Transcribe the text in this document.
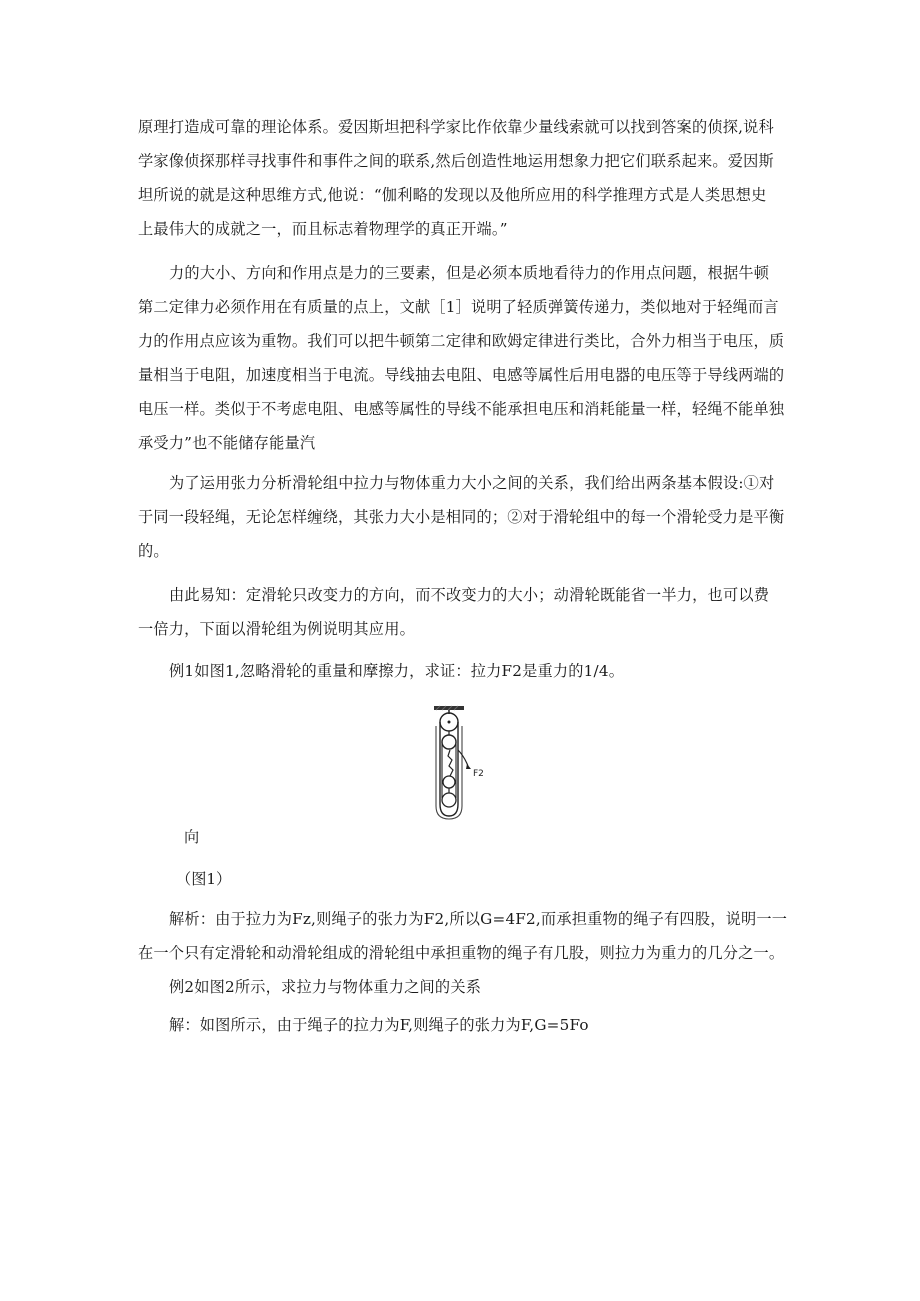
原理打造成可靠的理论体系。爱因斯坦把科学家比作依靠少量线索就可以找到答案的侦探,说科
学家像侦探那样寻找事件和事件之间的联系,然后创造性地运用想象力把它们联系起来。爱因斯
坦所说的就是这种思维方式,他说：“伽利略的发现以及他所应用的科学推理方式是人类思想史
上最伟大的成就之一，而且标志着物理学的真正开端。”
力的大小、方向和作用点是力的三要素，但是必须本质地看待力的作用点问题，根据牛顿
第二定律力必须作用在有质量的点上，文献［1］说明了轻质弹簧传递力，类似地对于轻绳而言
力的作用点应该为重物。我们可以把牛顿第二定律和欧姆定律进行类比，合外力相当于电压，质
量相当于电阻，加速度相当于电流。导线抽去电阻、电感等属性后用电器的电压等于导线两端的
电压一样。类似于不考虑电阻、电感等属性的导线不能承担电压和消耗能量一样，轻绳不能单独
承受力”也不能储存能量汽
为了运用张力分析滑轮组中拉力与物体重力大小之间的关系，我们给出两条基本假设:①对
于同一段轻绳，无论怎样缠绕，其张力大小是相同的；②对于滑轮组中的每一个滑轮受力是平衡
的。
由此易知：定滑轮只改变力的方向，而不改变力的大小；动滑轮既能省一半力，也可以费
一倍力，下面以滑轮组为例说明其应用。
例1如图1,忽略滑轮的重量和摩擦力，求证：拉力F2是重力的1/4。
F2
向
（图1）
解析：由于拉力为Fz,则绳子的张力为F2,所以G=4F2,而承担重物的绳子有四股，说明一一
在一个只有定滑轮和动滑轮组成的滑轮组中承担重物的绳子有几股，则拉力为重力的几分之一。
例2如图2所示，求拉力与物体重力之间的关系
解：如图所示，由于绳子的拉力为F,则绳子的张力为F,G=5Fo
